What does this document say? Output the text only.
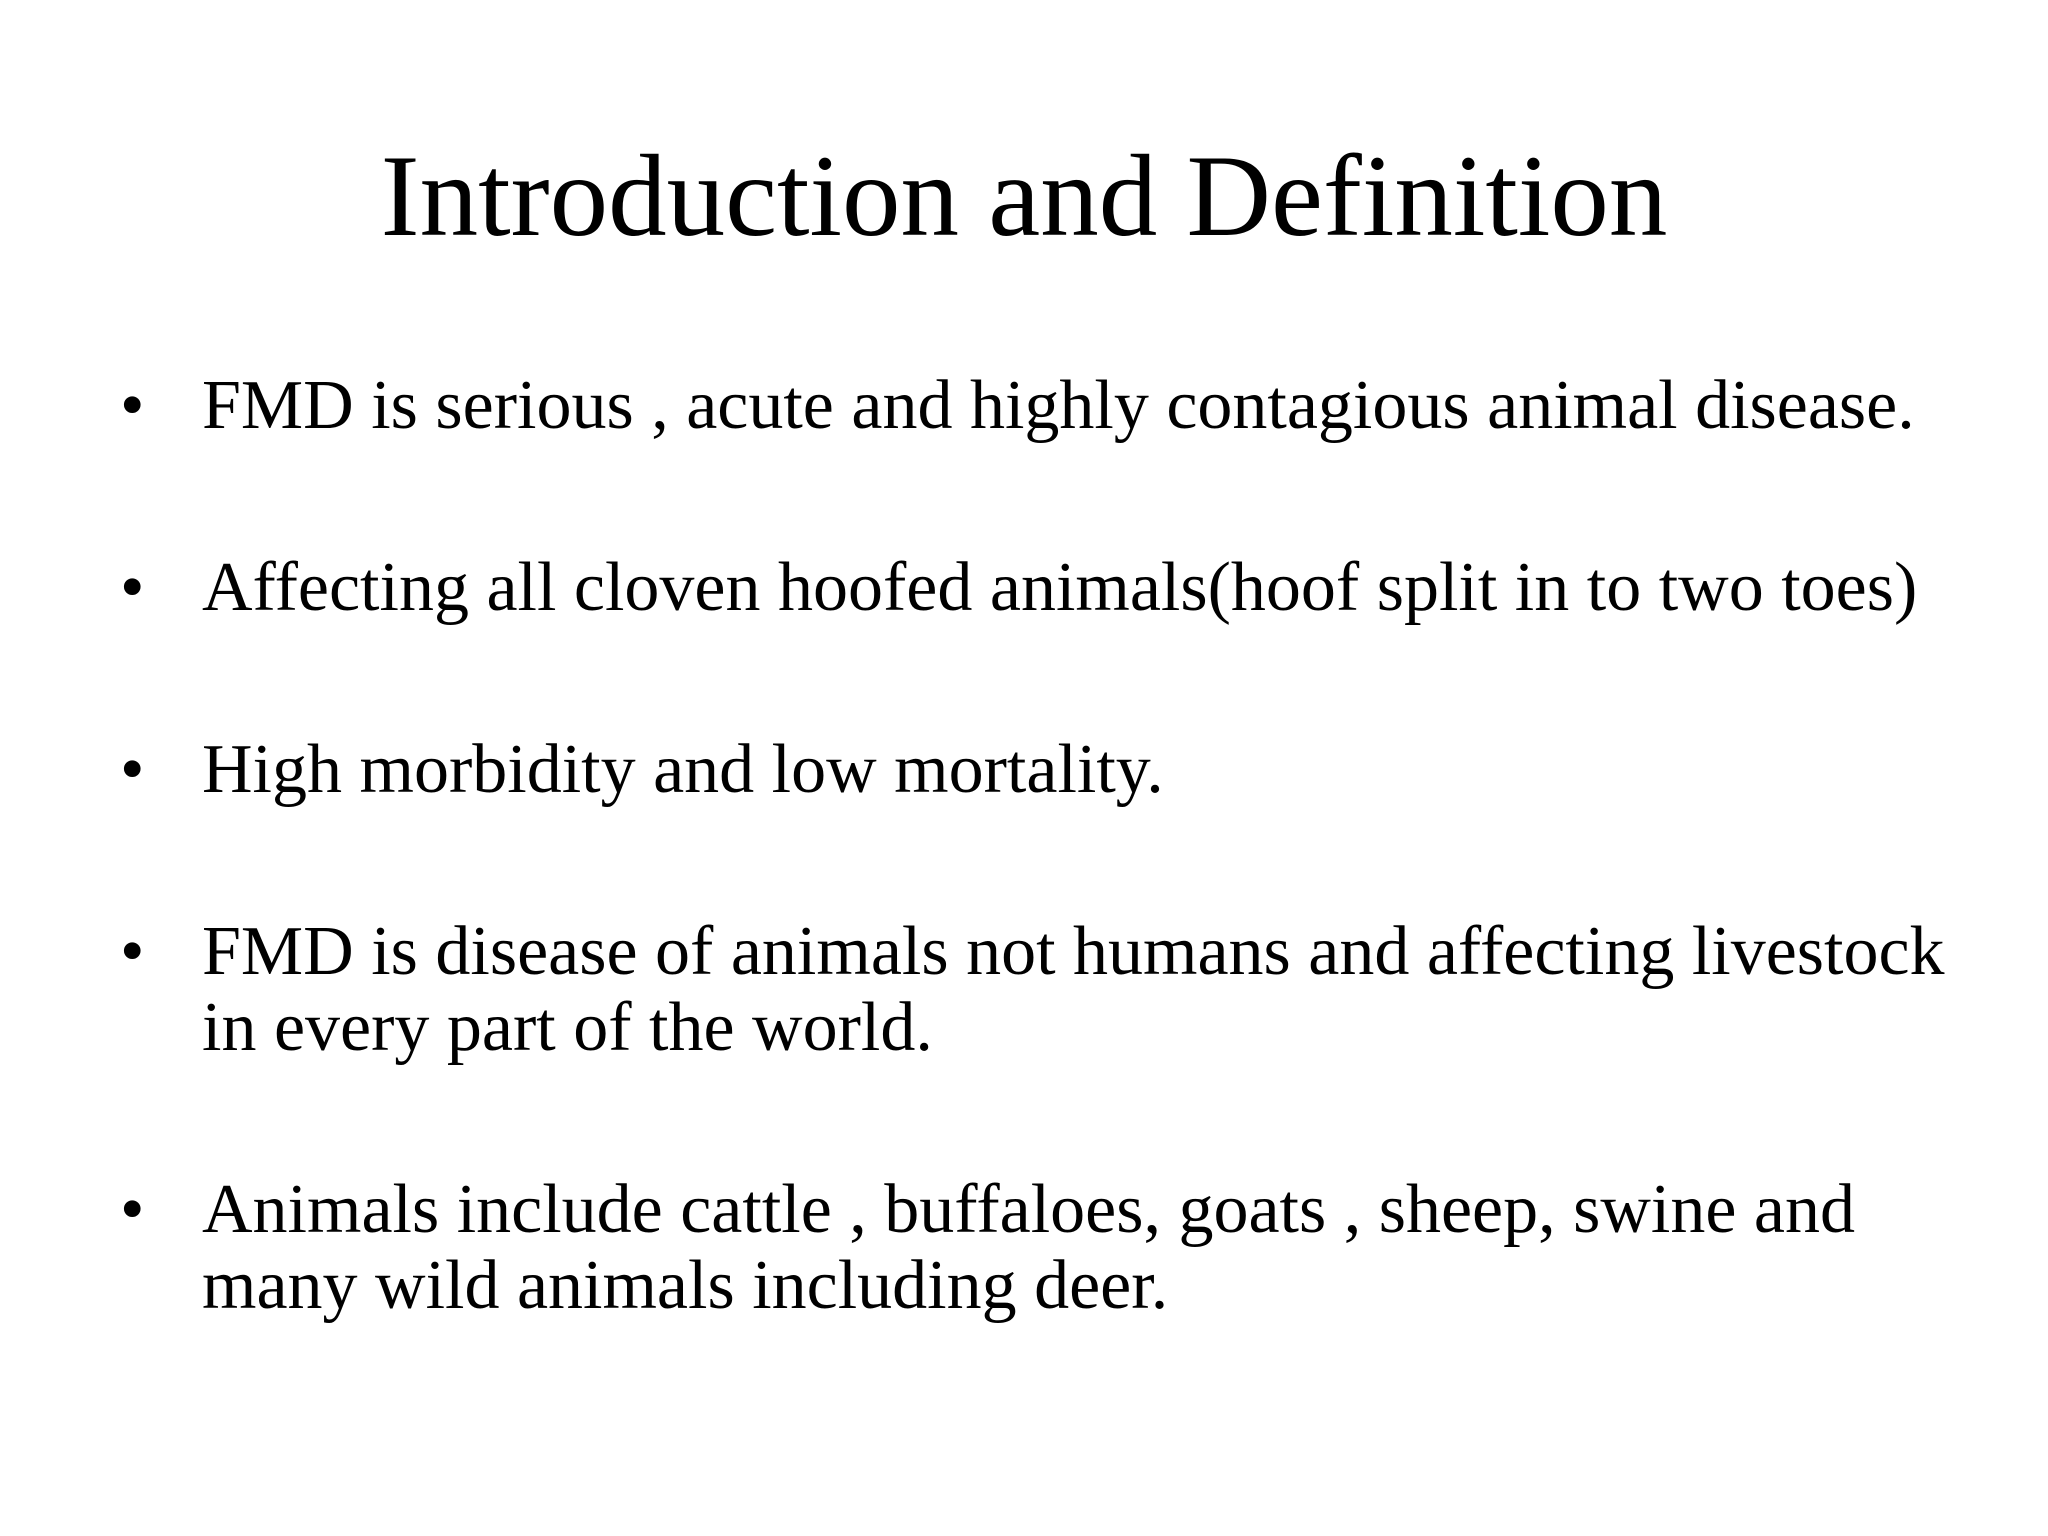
Introduction and Definition
• FMD is serious , acute and highly contagious animal disease.
• Affecting all cloven hoofed animals(hoof split in to two toes)
• High morbidity and low mortality.
• FMD is disease of animals not humans and affecting livestock
in every part of the world.
• Animals include cattle , buffaloes, goats , sheep, swine and
many wild animals including deer.
